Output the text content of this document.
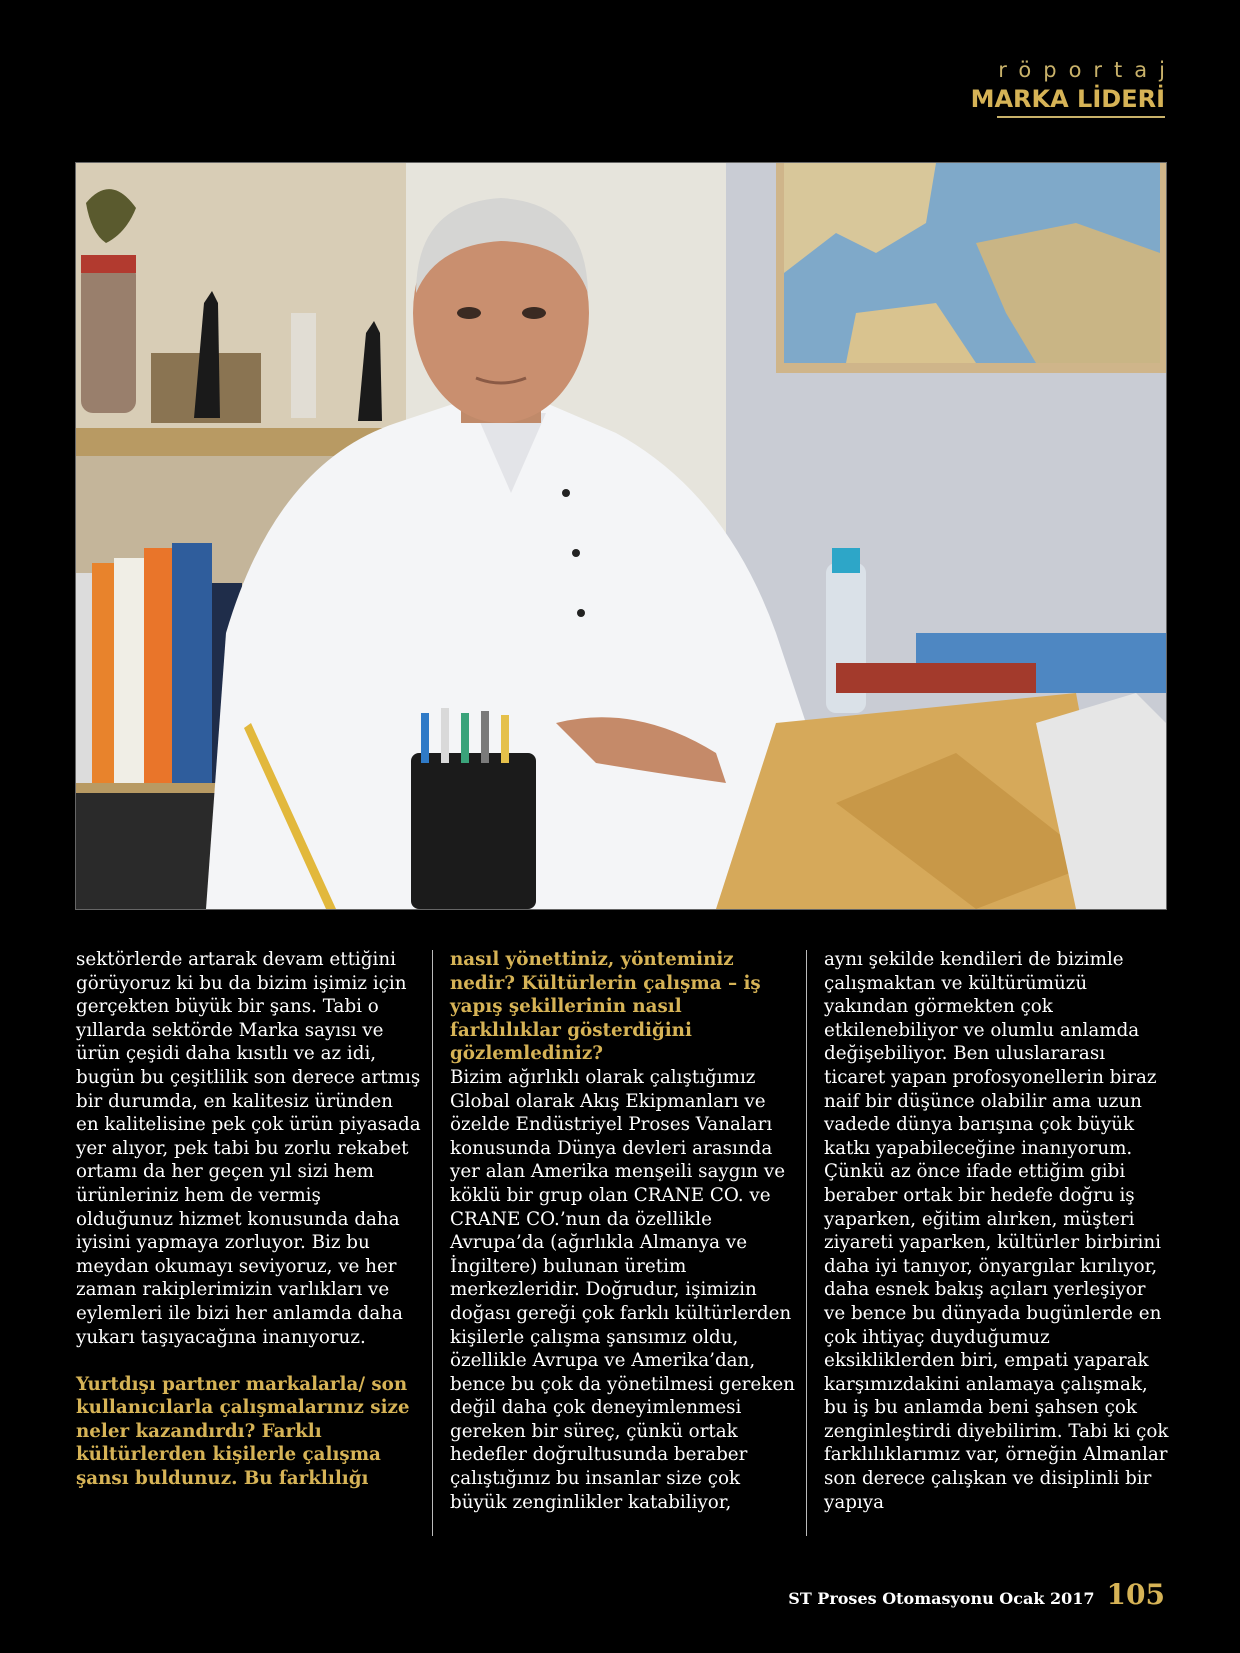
röportaj
MARKA LİDERİ

sektörlerde artarak devam ettiğini görüyoruz ki bu da bizim işimiz için gerçekten büyük bir şans. Tabi o yıllarda sektörde Marka sayısı ve ürün çeşidi daha kısıtlı ve az idi, bugün bu çeşitlilik son derece artmış bir durumda, en kalitesiz üründen en kalitelisine pek çok ürün piyasada yer alıyor, pek tabi bu zorlu rekabet ortamı da her geçen yıl sizi hem ürünleriniz hem de vermiş olduğunuz hizmet konusunda daha iyisini yapmaya zorluyor. Biz bu meydan okumayı seviyoruz, ve her zaman rakiplerimizin varlıkları ve eylemleri ile bizi her anlamda daha yukarı taşıyacağına inanıyoruz.

Yurtdışı partner markalarla/ son kullanıcılarla çalışmalarınız size neler kazandırdı? Farklı kültürlerden kişilerle çalışma şansı buldunuz. Bu farklılığı

nasıl yönettiniz, yönteminiz nedir? Kültürlerin çalışma – iş yapış şekillerinin nasıl farklılıklar gösterdiğini gözlemlediniz?

Bizim ağırlıklı olarak çalıştığımız Global olarak Akış Ekipmanları ve özelde Endüstriyel Proses Vanaları konusunda Dünya devleri arasında yer alan Amerika menşeili saygın ve köklü bir grup olan CRANE CO. ve CRANE CO.’nun da özellikle Avrupa’da (ağırlıkla Almanya ve İngiltere) bulunan üretim merkezleridir. Doğrudur, işimizin doğası gereği çok farklı kültürlerden kişilerle çalışma şansımız oldu, özellikle Avrupa ve Amerika’dan, bence bu çok da yönetilmesi gereken değil daha çok deneyimlenmesi gereken bir süreç, çünkü ortak hedefler doğrultusunda beraber çalıştığınız bu insanlar size çok büyük zenginlikler katabiliyor,

aynı şekilde kendileri de bizimle çalışmaktan ve kültürümüzü yakından görmekten çok etkilenebiliyor ve olumlu anlamda değişebiliyor. Ben uluslararası ticaret yapan profosyonellerin biraz naif bir düşünce olabilir ama uzun vadede dünya barışına çok büyük katkı yapabileceğine inanıyorum. Çünkü az önce ifade ettiğim gibi beraber ortak bir hedefe doğru iş yaparken, eğitim alırken, müşteri ziyareti yaparken, kültürler birbirini daha iyi tanıyor, önyargılar kırılıyor, daha esnek bakış açıları yerleşiyor ve bence bu dünyada bugünlerde en çok ihtiyaç duyduğumuz eksikliklerden biri, empati yaparak karşımızdakini anlamaya çalışmak, bu iş bu anlamda beni şahsen çok zenginleştirdi diyebilirim. Tabi ki çok farklılıklarımız var, örneğin Almanlar son derece çalışkan ve disiplinli bir yapıya

ST Proses Otomasyonu Ocak 2017 105
